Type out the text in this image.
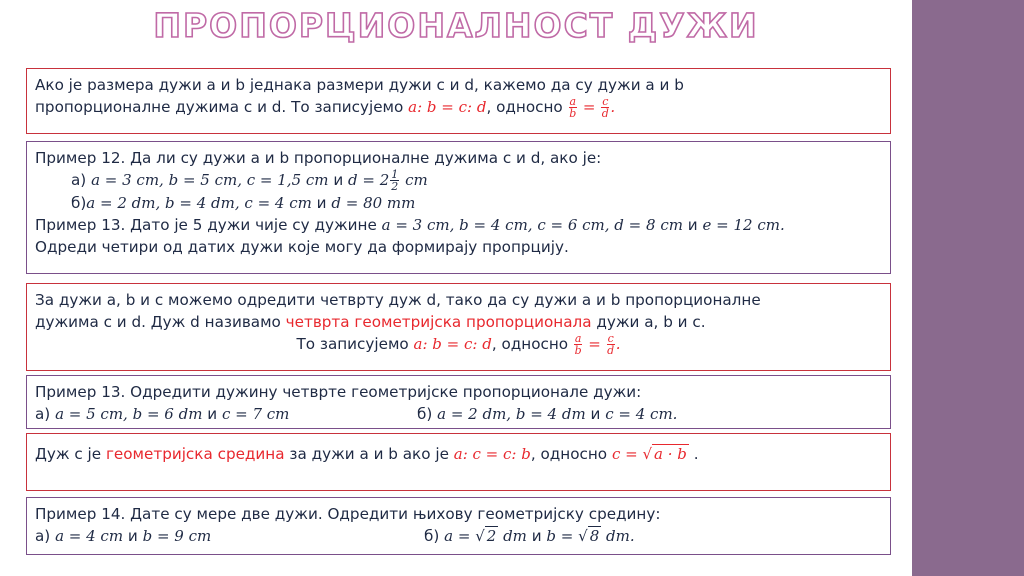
ПРОПОРЦИОНАЛНОСТ ДУЖИ

Ако је размера дужи a и b једнака размери дужи c и d, кажемо да су дужи a и b

пропорционалне дужима c и d. То записујемо a: b = c: d, односно $\frac{a}{b} = \frac{c}{d}$ .

Пример 12. Да ли су дужи a и b пропорционалне дужима c и d, ако је:

а) a = 3 cm, b = 5 cm, c = 1,5 cm и $d = 2 \frac{1}{2}$ cm

б)a = 2 dm, b = 4 dm, c = 4 cm и d = 80 mm

Пример 13. Дато је 5 дужи чије су дужине a = 3 cm, b = 4 cm, c = 6 cm, d = 8 cm и e = 12 cm.

Одреди четири од датих дужи које могу да формирају пропрцију.

За дужи a, b и c можемо одредити четврту дуж d, тако да су дужи a и b пропорционалне

дужима c и d. Дуж d називамо четврта геометријска пропорционала дужи a, b и c.

То записујемо a: b = c: d, односно $\frac{a}{b} = \frac{c}{d}$ .

Пример 13. Одредити дужину четврте геометријске пропорционале дужи:

а) a = 5 cm, b = 6 dm и c = 7 cm	б) a = 2 dm, b = 4 dm и c = 4 cm.

Дуж c је геометријска средина за дужи a и b ако је a: c = c: b, односно c = √ a · b .

Пример 14. Дате су мере две дужи. Одредити њихову геометријску средину:

а) a = 4 cm и b = 9 cm	б) a = √ 2 dm и b = √ 8 dm.
